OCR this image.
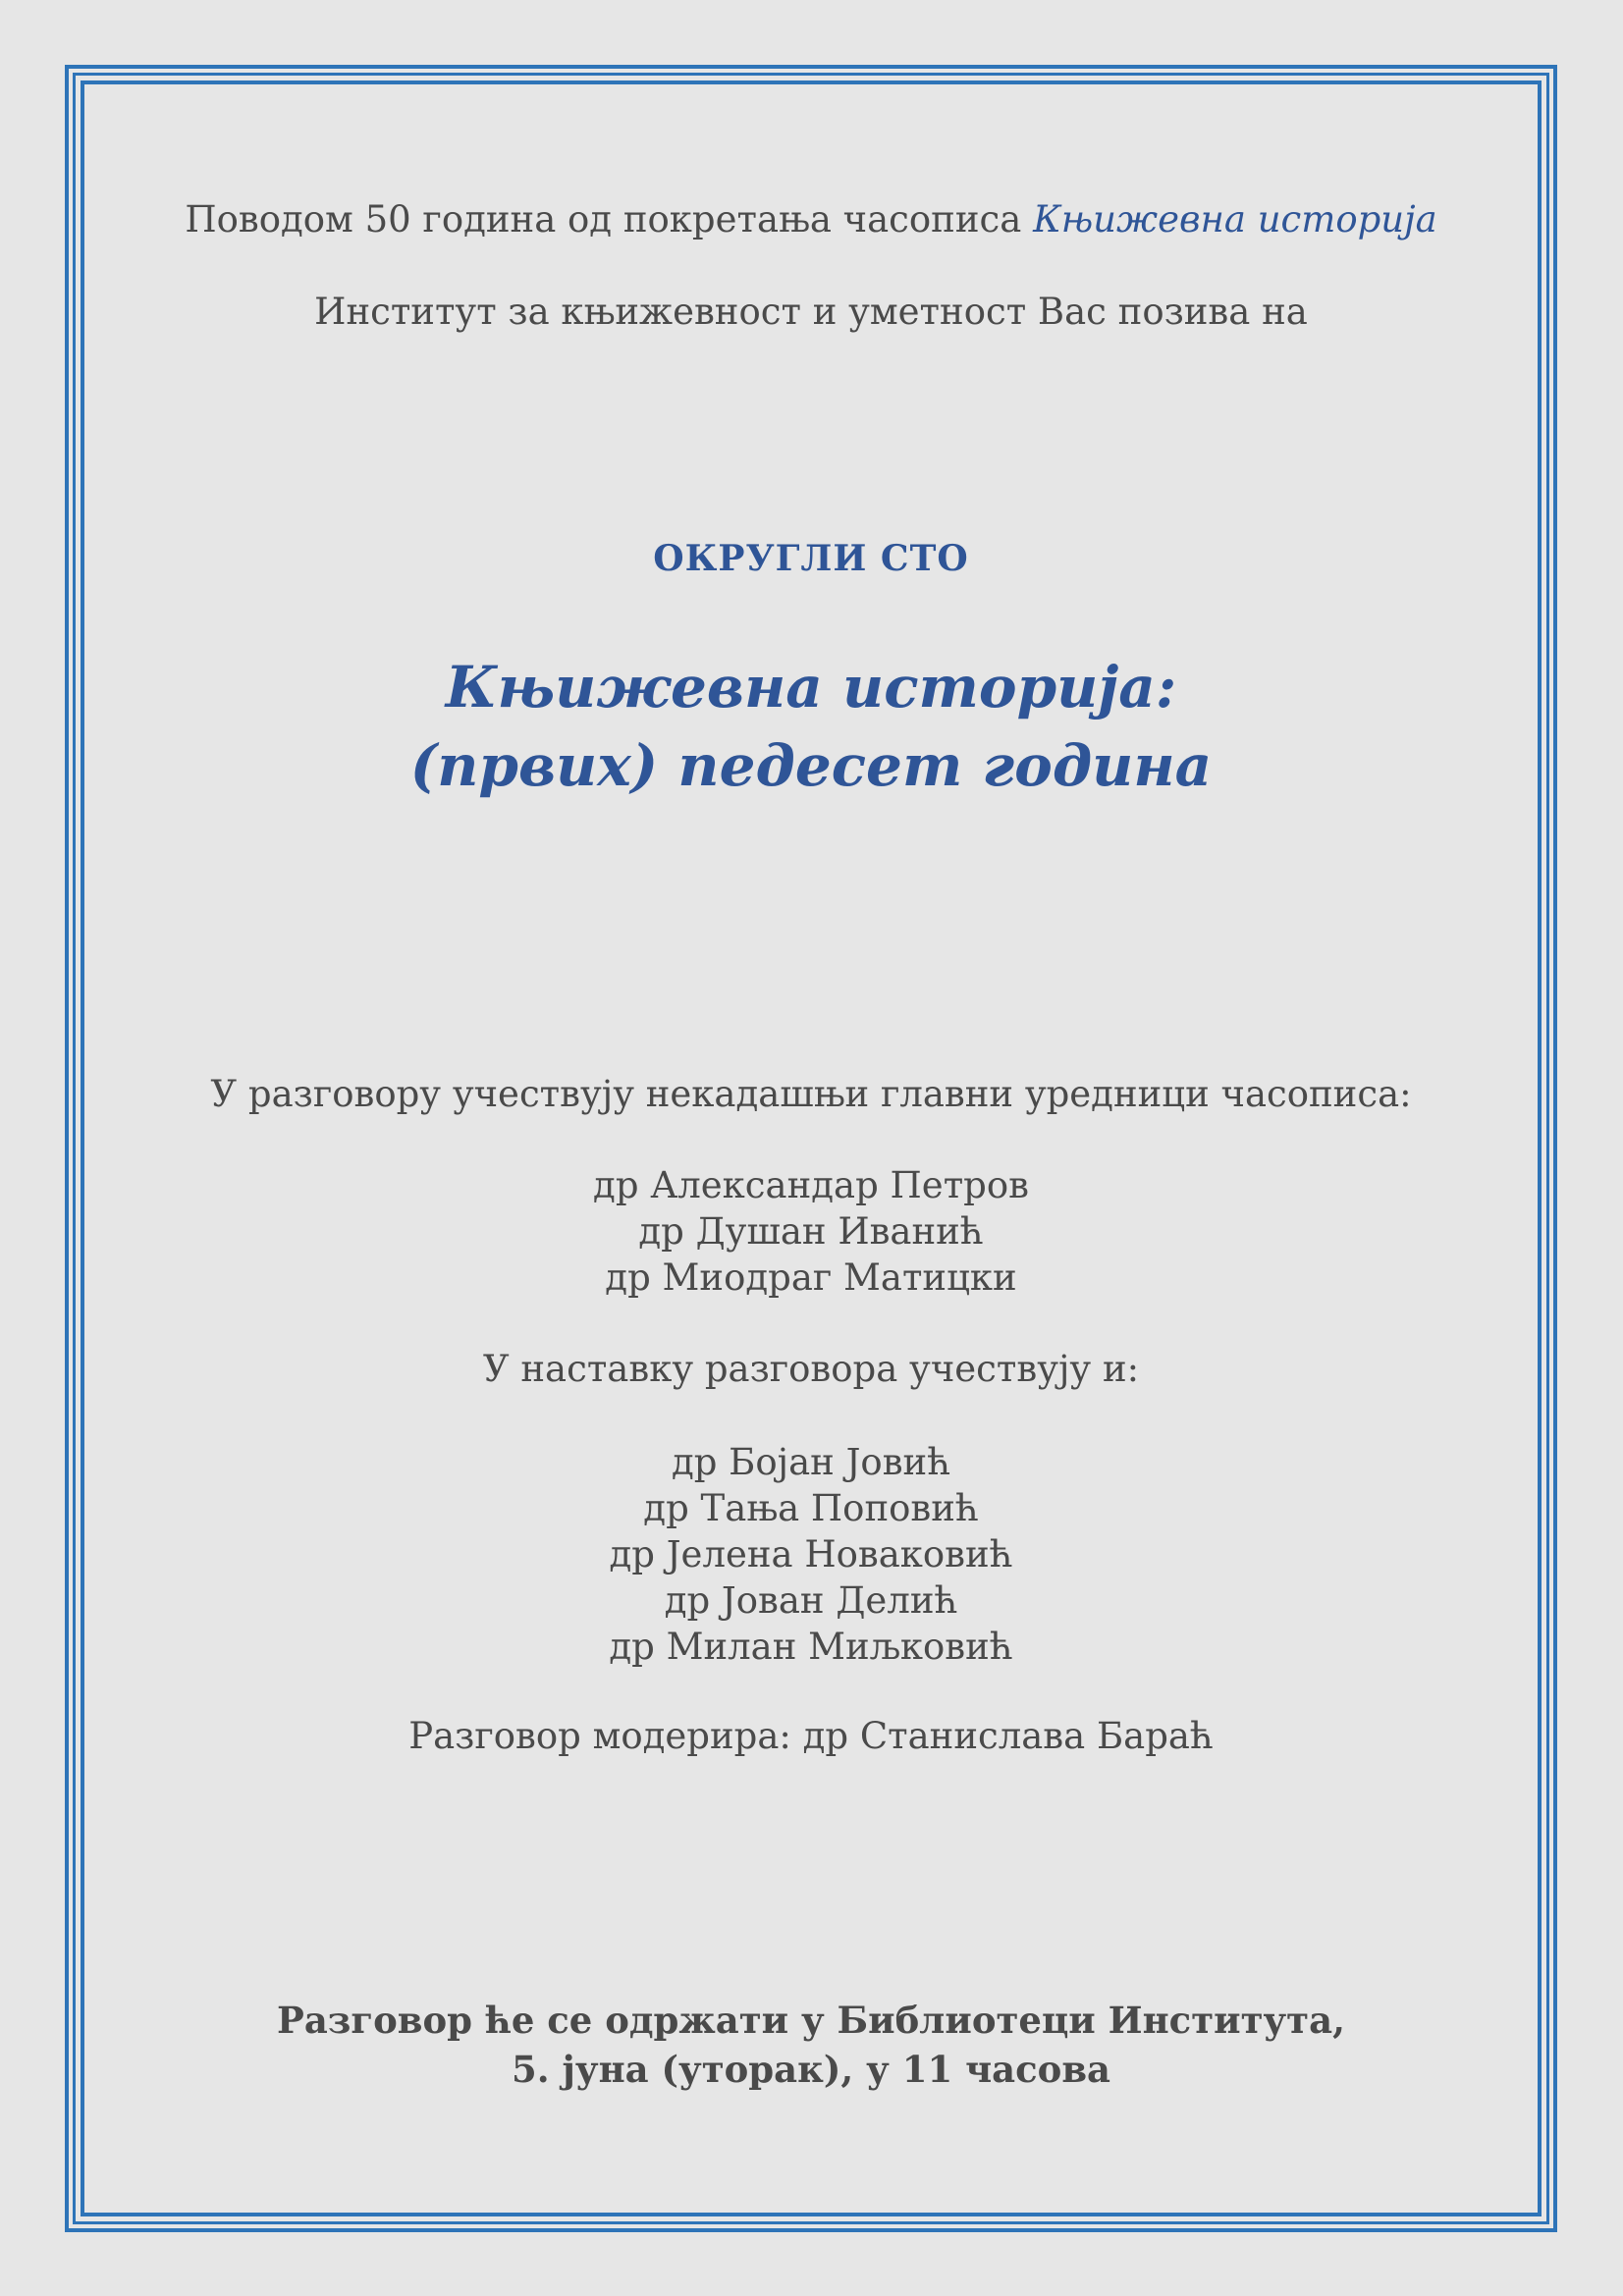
Поводом 50 година од покретања часописа Књижевна историја
Институт за књижевност и уметност Вас позива на
ОКРУГЛИ СТО
Књижевна историја:
(првих) педесет година
У разговору учествују некадашњи главни уредници часописа:
др Александар Петров
др Душан Иванић
др Миодраг Матицки
У наставку разговора учествују и:
др Бојан Јовић
др Тања Поповић
др Јелена Новаковић
др Јован Делић
др Милан Миљковић
Разговор модерира: др Станислава Бараћ
Разговор ће се одржати у Библиотеци Института,
5. јуна (уторак), у 11 часова
